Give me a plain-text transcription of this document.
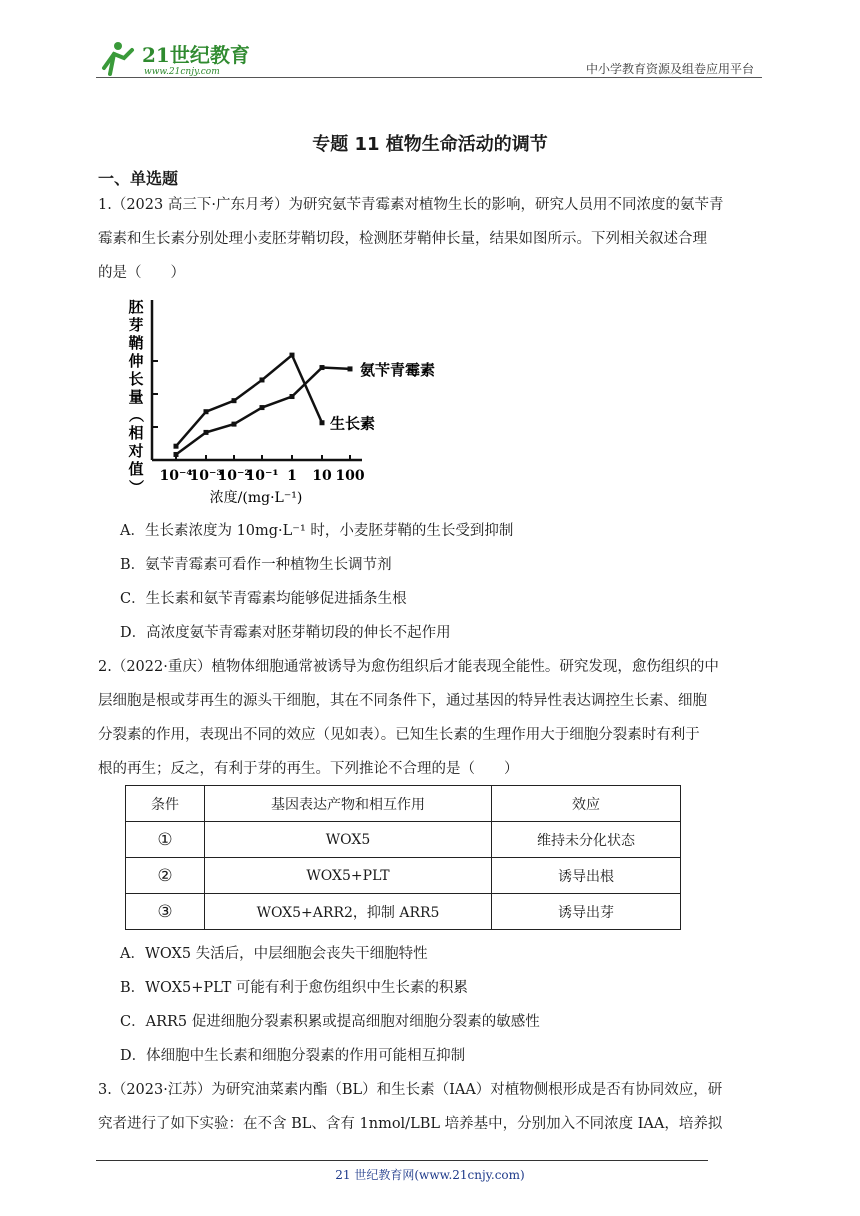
21世纪教育
www.21cnjy.com	中小学教育资源及组卷应用平台
专题 11 植物生命活动的调节
一、单选题
1.（2023 高三下·广东月考）为研究氨苄青霉素对植物生长的影响，研究人员用不同浓度的氨苄青
霉素和生长素分别处理小麦胚芽鞘切段，检测胚芽鞘伸长量，结果如图所示。下列相关叙述合理
的是（　　）
10⁻⁴
10⁻³
10⁻²
10⁻¹ 1 10 100
浓度/(mg·L⁻¹)
胚
芽
鞘
伸
长
量
（
相
对
值
）
氨苄青霉素
生长素
A．生长素浓度为 10mg·L⁻¹ 时，小麦胚芽鞘的生长受到抑制
B．氨苄青霉素可看作一种植物生长调节剂
C．生长素和氨苄青霉素均能够促进插条生根
D．高浓度氨苄青霉素对胚芽鞘切段的伸长不起作用
2.（2022·重庆）植物体细胞通常被诱导为愈伤组织后才能表现全能性。研究发现，愈伤组织的中
层细胞是根或芽再生的源头干细胞，其在不同条件下，通过基因的特异性表达调控生长素、细胞
分裂素的作用，表现出不同的效应（见如表）。已知生长素的生理作用大于细胞分裂素时有利于
根的再生；反之，有利于芽的再生。下列推论不合理的是（　　）
条件	基因表达产物和相互作用	效应
①	WOX5	维持未分化状态
②	WOX5+PLT	诱导出根
③	WOX5+ARR2，抑制 ARR5	诱导出芽
A．WOX5 失活后，中层细胞会丧失干细胞特性
B．WOX5+PLT 可能有利于愈伤组织中生长素的积累
C．ARR5 促进细胞分裂素积累或提高细胞对细胞分裂素的敏感性
D．体细胞中生长素和细胞分裂素的作用可能相互抑制
3.（2023·江苏）为研究油菜素内酯（BL）和生长素（IAA）对植物侧根形成是否有协同效应，研
究者进行了如下实验：在不含 BL、含有 1nmol/LBL 培养基中，分别加入不同浓度 IAA，培养拟
21 世纪教育网(www.21cnjy.com)
